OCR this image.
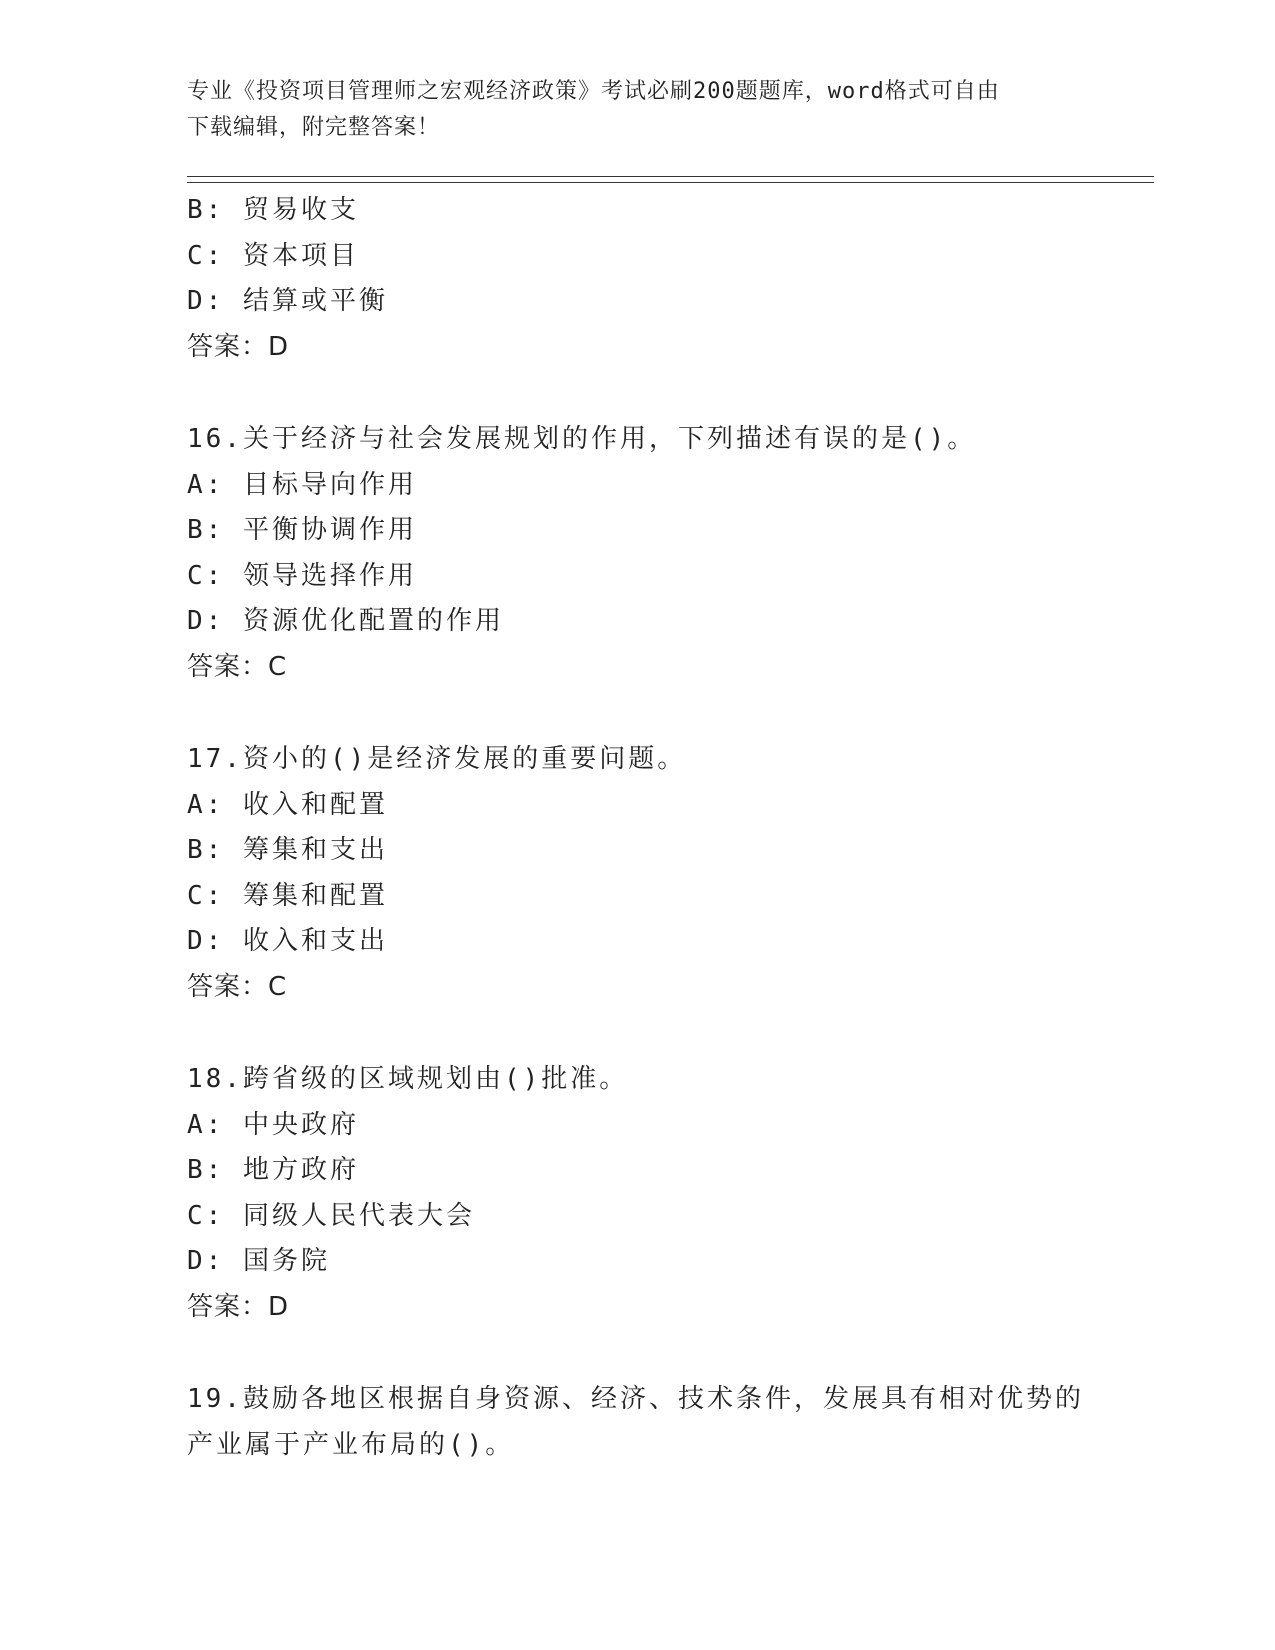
专业《投资项目管理师之宏观经济政策》考试必刷200题题库，word格式可自由
下载编辑，附完整答案！
B: 贸易收支
C: 资本项目
D: 结算或平衡
答案：D
16.关于经济与社会发展规划的作用，下列描述有误的是()。
A: 目标导向作用
B: 平衡协调作用
C: 领导选择作用
D: 资源优化配置的作用
答案：C
17.资小的()是经济发展的重要问题。
A: 收入和配置
B: 筹集和支出
C: 筹集和配置
D: 收入和支出
答案：C
18.跨省级的区域规划由()批准。
A: 中央政府
B: 地方政府
C: 同级人民代表大会
D: 国务院
答案：D
19.鼓励各地区根据自身资源、经济、技术条件，发展具有相对优势的
产业属于产业布局的()。
